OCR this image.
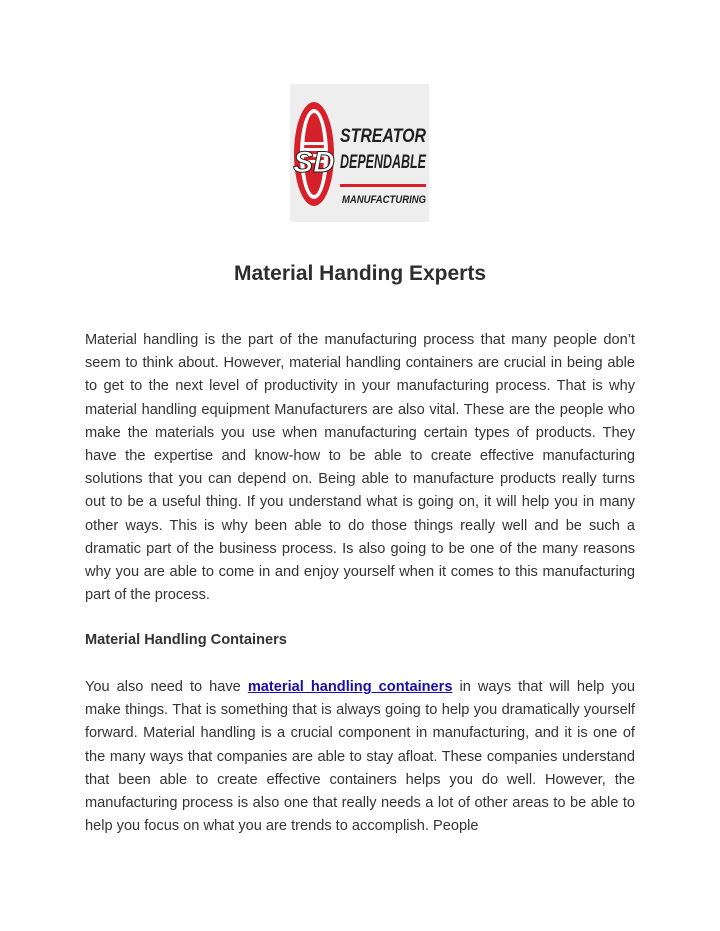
SD
STREATOR
DEPENDABLE
MANUFACTURING
Material Handing Experts

Material handling is the part of the manufacturing process that many people don’t seem to think about. However, material handling containers are crucial in being able to get to the next level of productivity in your manufacturing process. That is why material handling equipment Manufacturers are also vital. These are the people who make the materials you use when manufacturing certain types of products. They have the expertise and know-how to be able to create effective manufacturing solutions that you can depend on. Being able to manufacture products really turns out to be a useful thing. If you understand what is going on, it will help you in many other ways. This is why been able to do those things really well and be such a dramatic part of the business process. Is also going to be one of the many reasons why you are able to come in and enjoy yourself when it comes to this manufacturing part of the process.

Material Handling Containers

You also need to have material handling containers in ways that will help you make things. That is something that is always going to help you dramatically yourself forward. Material handling is a crucial component in manufacturing, and it is one of the many ways that companies are able to stay afloat. These companies understand that been able to create effective containers helps you do well. However, the manufacturing process is also one that really needs a lot of other areas to be able to help you focus on what you are trends to accomplish. People
